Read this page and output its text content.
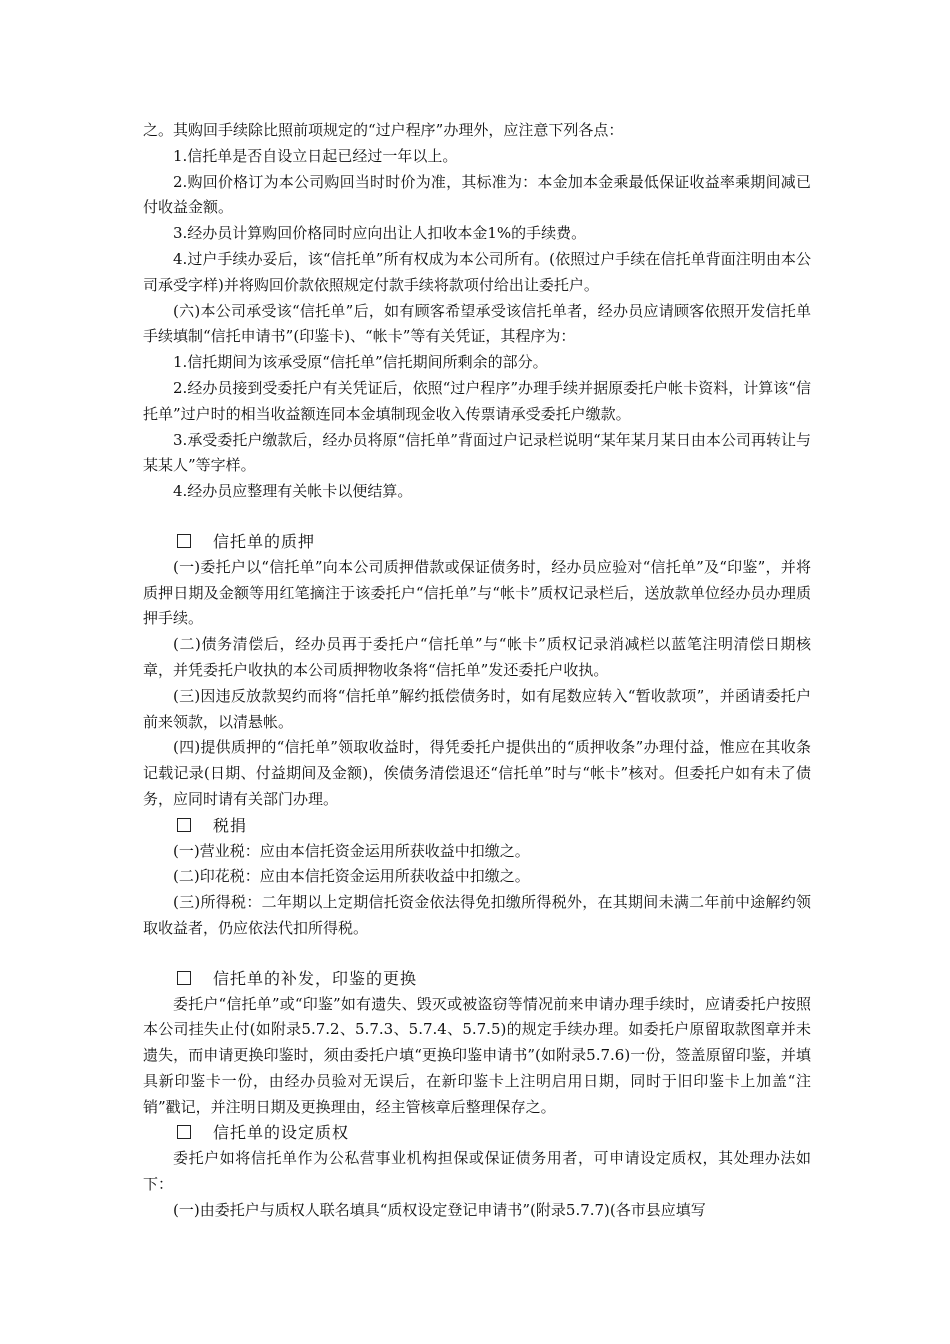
之。其购回手续除比照前项规定的“过户程序”办理外，应注意下列各点：

1.信托单是否自设立日起已经过一年以上。

2.购回价格订为本公司购回当时时价为准，其标准为：本金加本金乘最低保证收益率乘期间减已付收益金额。

3.经办员计算购回价格同时应向出让人扣收本金1%的手续费。

4.过户手续办妥后，该“信托单”所有权成为本公司所有。(依照过户手续在信托单背面注明由本公司承受字样)并将购回价款依照规定付款手续将款项付给出让委托户。

(六)本公司承受该“信托单”后，如有顾客希望承受该信托单者，经办员应请顾客依照开发信托单手续填制“信托申请书”(印鉴卡)、“帐卡”等有关凭证，其程序为：

1.信托期间为该承受原“信托单”信托期间所剩余的部分。

2.经办员接到受委托户有关凭证后，依照“过户程序”办理手续并据原委托户帐卡资料，计算该“信托单”过户时的相当收益额连同本金填制现金收入传票请承受委托户缴款。

3.承受委托户缴款后，经办员将原“信托单”背面过户记录栏说明“某年某月某日由本公司再转让与某某人”等字样。

4.经办员应整理有关帐卡以便结算。

信托单的质押

(一)委托户以“信托单”向本公司质押借款或保证债务时，经办员应验对“信托单”及“印鉴”，并将质押日期及金额等用红笔摘注于该委托户“信托单”与“帐卡”质权记录栏后，送放款单位经办员办理质押手续。

(二)债务清偿后，经办员再于委托户“信托单”与“帐卡”质权记录消减栏以蓝笔注明清偿日期核章，并凭委托户收执的本公司质押物收条将“信托单”发还委托户收执。

(三)因违反放款契约而将“信托单”解约抵偿债务时，如有尾数应转入“暂收款项”，并函请委托户前来领款，以清悬帐。

(四)提供质押的“信托单”领取收益时，得凭委托户提供出的“质押收条”办理付益，惟应在其收条记载记录(日期、付益期间及金额)，俟债务清偿退还“信托单”时与“帐卡”核对。但委托户如有未了债务，应同时请有关部门办理。

税捐

(一)营业税：应由本信托资金运用所获收益中扣缴之。

(二)印花税：应由本信托资金运用所获收益中扣缴之。

(三)所得税：二年期以上定期信托资金依法得免扣缴所得税外，在其期间未满二年前中途解约领取收益者，仍应依法代扣所得税。

信托单的补发，印鉴的更换

委托户“信托单”或“印鉴”如有遗失、毁灭或被盗窃等情况前来申请办理手续时，应请委托户按照本公司挂失止付(如附录5.7.2、5.7.3、5.7.4、5.7.5)的规定手续办理。如委托户原留取款图章并未遗失，而申请更换印鉴时，须由委托户填“更换印鉴申请书”(如附录5.7.6)一份，签盖原留印鉴，并填具新印鉴卡一份，由经办员验对无误后，在新印鉴卡上注明启用日期，同时于旧印鉴卡上加盖“注销”戳记，并注明日期及更换理由，经主管核章后整理保存之。

信托单的设定质权

委托户如将信托单作为公私营事业机构担保或保证债务用者，可申请设定质权，其处理办法如下：

(一)由委托户与质权人联名填具“质权设定登记申请书”(附录5.7.7)(各市县应填写
